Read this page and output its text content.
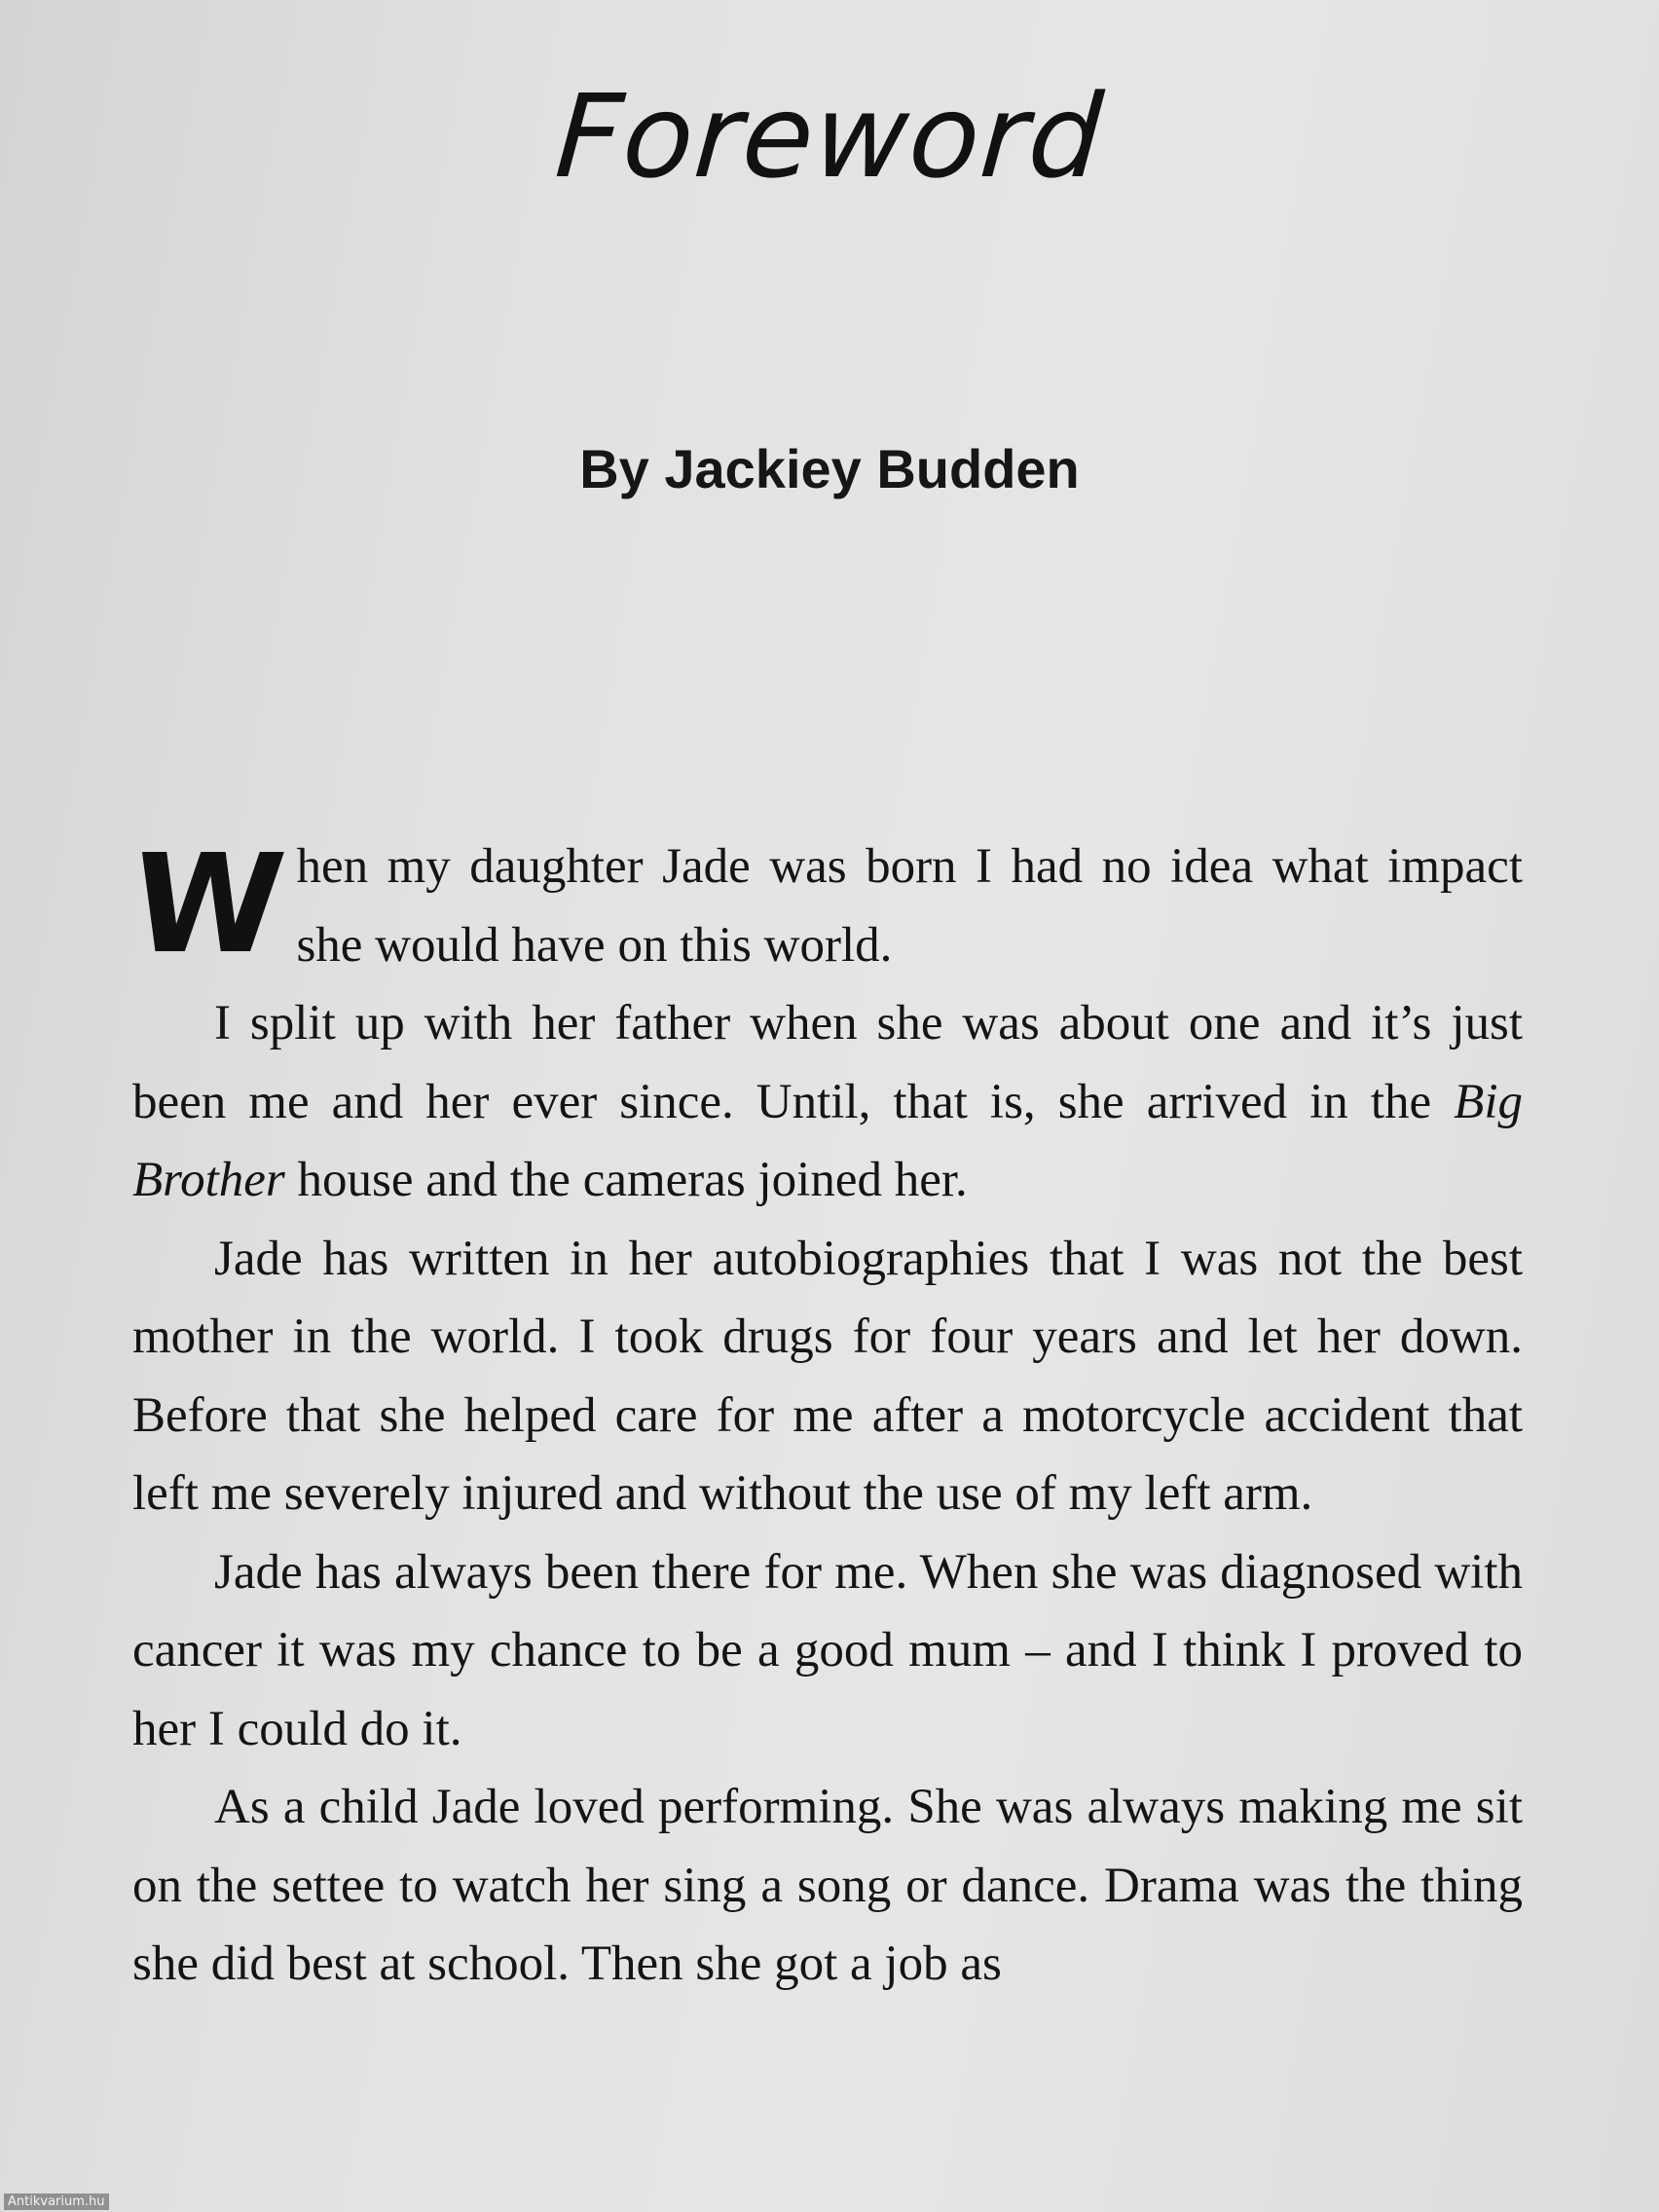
Foreword
By Jackiey Budden

When my daughter Jade was born I had no idea what impact she would have on this world.

I split up with her father when she was about one and it’s just been me and her ever since. Until, that is, she arrived in the Big Brother house and the cameras joined her.

Jade has written in her autobiographies that I was not the best mother in the world. I took drugs for four years and let her down. Before that she helped care for me after a motorcycle accident that left me severely injured and without the use of my left arm.

Jade has always been there for me. When she was diagnosed with cancer it was my chance to be a good mum – and I think I proved to her I could do it.

As a child Jade loved performing. She was always making me sit on the settee to watch her sing a song or dance. Drama was the thing she did best at school. Then she got a job as

Antikvarium.hu
